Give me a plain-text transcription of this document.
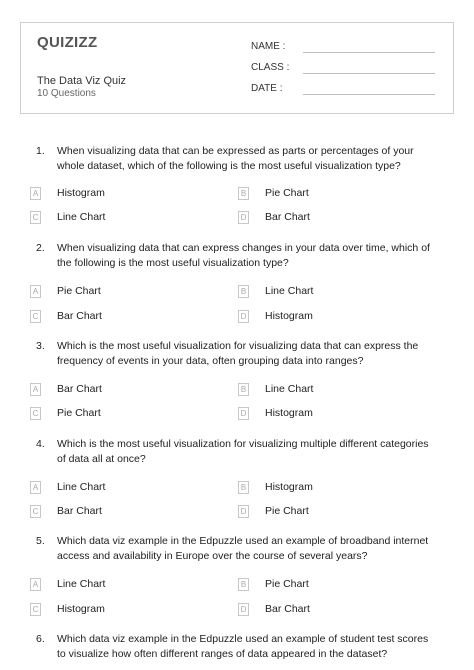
QUIZIZZ
The Data Viz Quiz
10 Questions
NAME :
CLASS :
DATE :
1. When visualizing data that can be expressed as parts or percentages of your whole dataset, which of the following is the most useful visualization type?
A Histogram	B Pie Chart
C Line Chart	D Bar Chart
2. When visualizing data that can express changes in your data over time, which of the following is the most useful visualization type?
A Pie Chart	B Line Chart
C Bar Chart	D Histogram
3. Which is the most useful visualization for visualizing data that can express the frequency of events in your data, often grouping data into ranges?
A Bar Chart	B Line Chart
C Pie Chart	D Histogram
4. Which is the most useful visualization for visualizing multiple different categories of data all at once?
A Line Chart	B Histogram
C Bar Chart	D Pie Chart
5. Which data viz example in the Edpuzzle used an example of broadband internet access and availability in Europe over the course of several years?
A Line Chart	B Pie Chart
C Histogram	D Bar Chart
6. Which data viz example in the Edpuzzle used an example of student test scores to visualize how often different ranges of data appeared in the dataset?
